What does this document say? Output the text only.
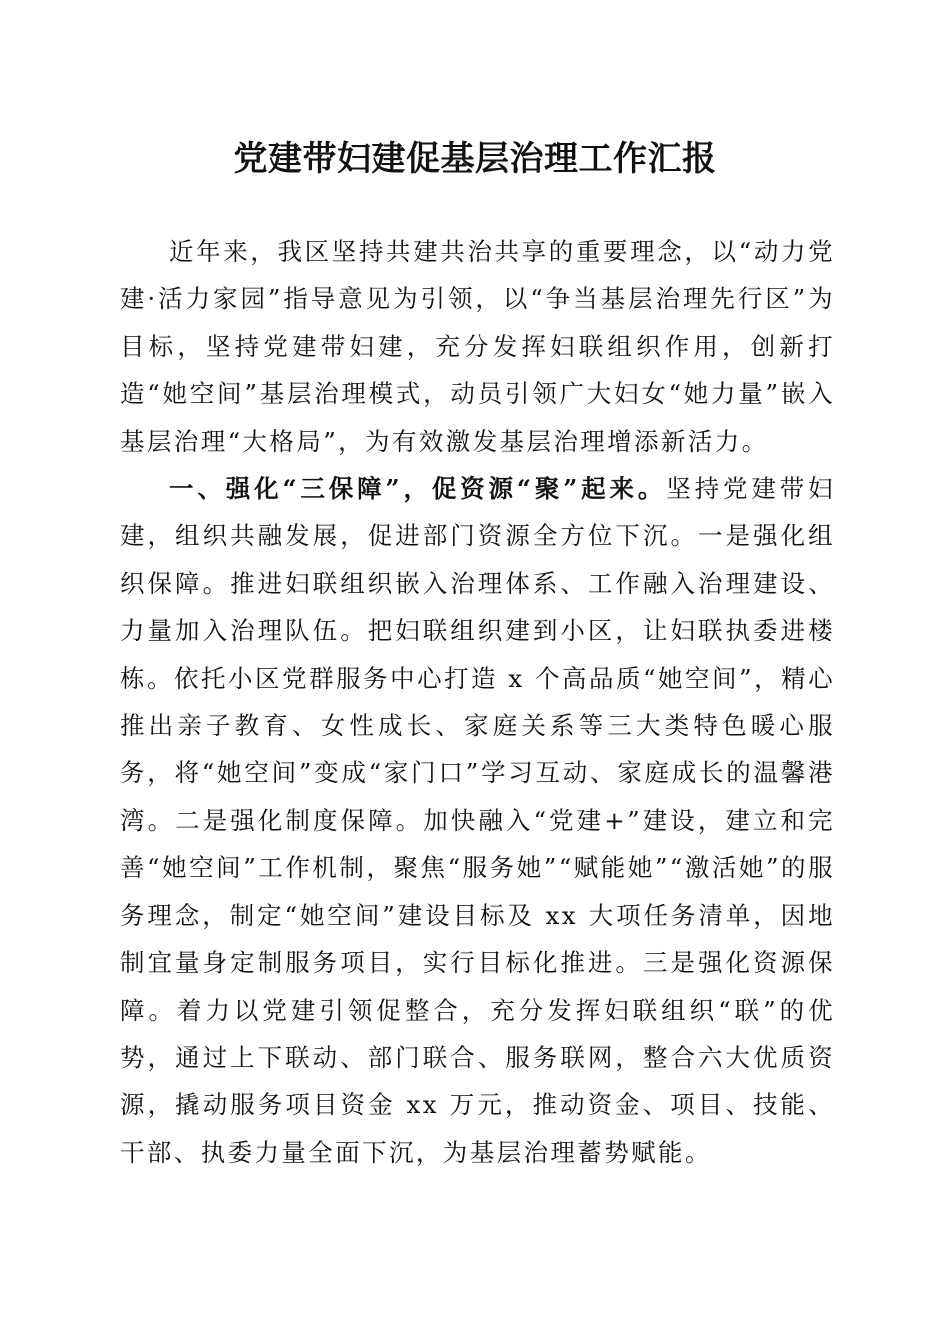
党建带妇建促基层治理工作汇报

近年来，我区坚持共建共治共享的重要理念，以“动力党建·活力家园”指导意见为引领，以“争当基层治理先行区”为目标，坚持党建带妇建，充分发挥妇联组织作用，创新打造“她空间”基层治理模式，动员引领广大妇女“她力量”嵌入基层治理“大格局”，为有效激发基层治理增添新活力。

一、强化“三保障”，促资源“聚”起来。坚持党建带妇建，组织共融发展，促进部门资源全方位下沉。一是强化组织保障。推进妇联组织嵌入治理体系、工作融入治理建设、力量加入治理队伍。把妇联组织建到小区，让妇联执委进楼栋。依托小区党群服务中心打造 x 个高品质“她空间”，精心推出亲子教育、女性成长、家庭关系等三大类特色暖心服务，将“她空间”变成“家门口”学习互动、家庭成长的温馨港湾。二是强化制度保障。加快融入“党建+”建设，建立和完善“她空间”工作机制，聚焦“服务她”“赋能她”“激活她”的服务理念，制定“她空间”建设目标及 xx 大项任务清单，因地制宜量身定制服务项目，实行目标化推进。三是强化资源保障。着力以党建引领促整合，充分发挥妇联组织“联”的优势，通过上下联动、部门联合、服务联网，整合六大优质资源，撬动服务项目资金 xx 万元，推动资金、项目、技能、干部、执委力量全面下沉，为基层治理蓄势赋能。
